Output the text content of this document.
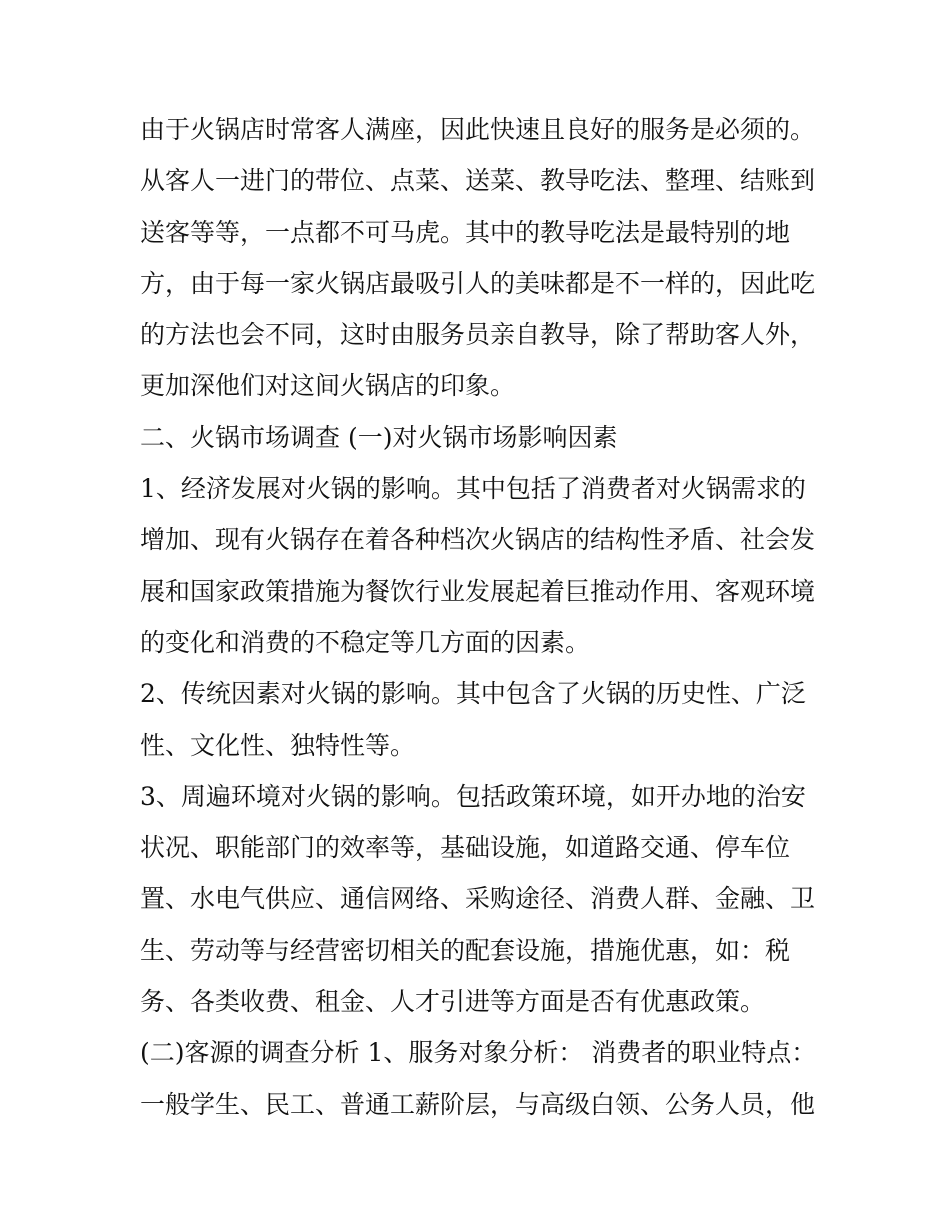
由于火锅店时常客人满座，因此快速且良好的服务是必须的。
从客人一进门的带位、点菜、送菜、教导吃法、整理、结账到
送客等等，一点都不可马虎。其中的教导吃法是最特别的地
方，由于每一家火锅店最吸引人的美味都是不一样的，因此吃
的方法也会不同，这时由服务员亲自教导，除了帮助客人外，
更加深他们对这间火锅店的印象。
二、火锅市场调查 (一)对火锅市场影响因素
1、经济发展对火锅的影响。其中包括了消费者对火锅需求的
增加、现有火锅存在着各种档次火锅店的结构性矛盾、社会发
展和国家政策措施为餐饮行业发展起着巨推动作用、客观环境
的变化和消费的不稳定等几方面的因素。
2、传统因素对火锅的影响。其中包含了火锅的历史性、广泛
性、文化性、独特性等。
3、周遍环境对火锅的影响。包括政策环境，如开办地的治安
状况、职能部门的效率等，基础设施，如道路交通、停车位
置、水电气供应、通信网络、采购途径、消费人群、金融、卫
生、劳动等与经营密切相关的配套设施，措施优惠，如：税
务、各类收费、租金、人才引进等方面是否有优惠政策。
(二)客源的调查分析 1、服务对象分析： 消费者的职业特点：
一般学生、民工、普通工薪阶层，与高级白领、公务人员，他
